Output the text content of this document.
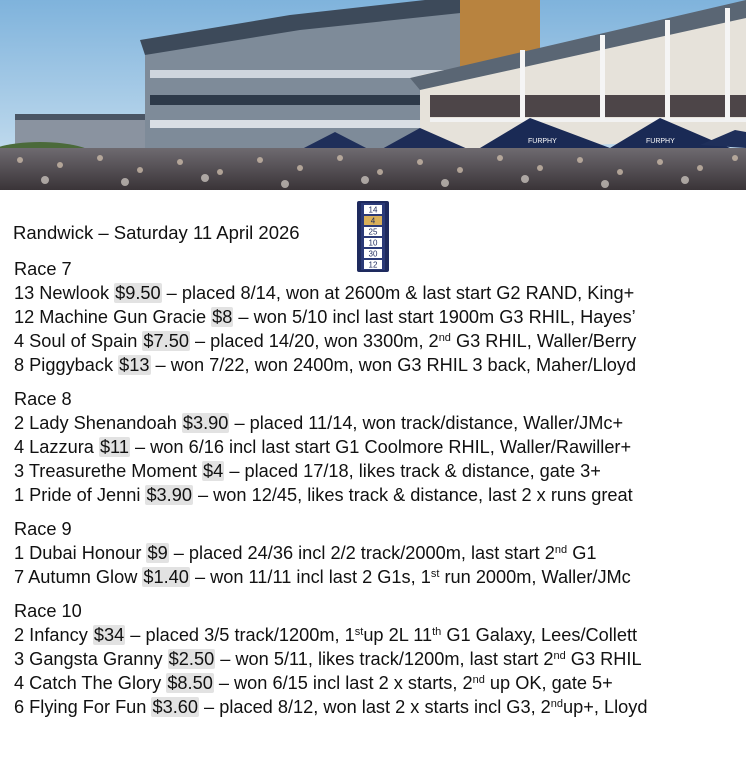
FURPHY	FURPHY
Randwick – Saturday 11 April 2026
14
4
25
10
30
12
Race 7
13 Newlook $9.50 – placed 8/14, won at 2600m & last start G2 RAND, King+
12 Machine Gun Gracie $8 – won 5/10 incl last start 1900m G3 RHIL, Hayes’
4 Soul of Spain $7.50 – placed 14/20, won 3300m, 2nd G3 RHIL, Waller/Berry
8 Piggyback $13 – won 7/22, won 2400m, won G3 RHIL 3 back, Maher/Lloyd
Race 8
2 Lady Shenandoah $3.90 – placed 11/14, won track/distance, Waller/JMc+
4 Lazzura $11 – won 6/16 incl last start G1 Coolmore RHIL, Waller/Rawiller+
3 Treasurethe Moment $4 – placed 17/18, likes track & distance, gate 3+
1 Pride of Jenni $3.90 – won 12/45, likes track & distance, last 2 x runs great
Race 9
1 Dubai Honour $9 – placed 24/36 incl 2/2 track/2000m, last start 2nd G1
7 Autumn Glow $1.40 – won 11/11 incl last 2 G1s, 1st run 2000m, Waller/JMc
Race 10
2 Infancy $34 – placed 3/5 track/1200m, 1stup 2L 11th G1 Galaxy, Lees/Collett
3 Gangsta Granny $2.50 – won 5/11, likes track/1200m, last start 2nd G3 RHIL
4 Catch The Glory $8.50 – won 6/15 incl last 2 x starts, 2nd up OK, gate 5+
6 Flying For Fun $3.60 – placed 8/12, won last 2 x starts incl G3, 2ndup+, Lloyd
